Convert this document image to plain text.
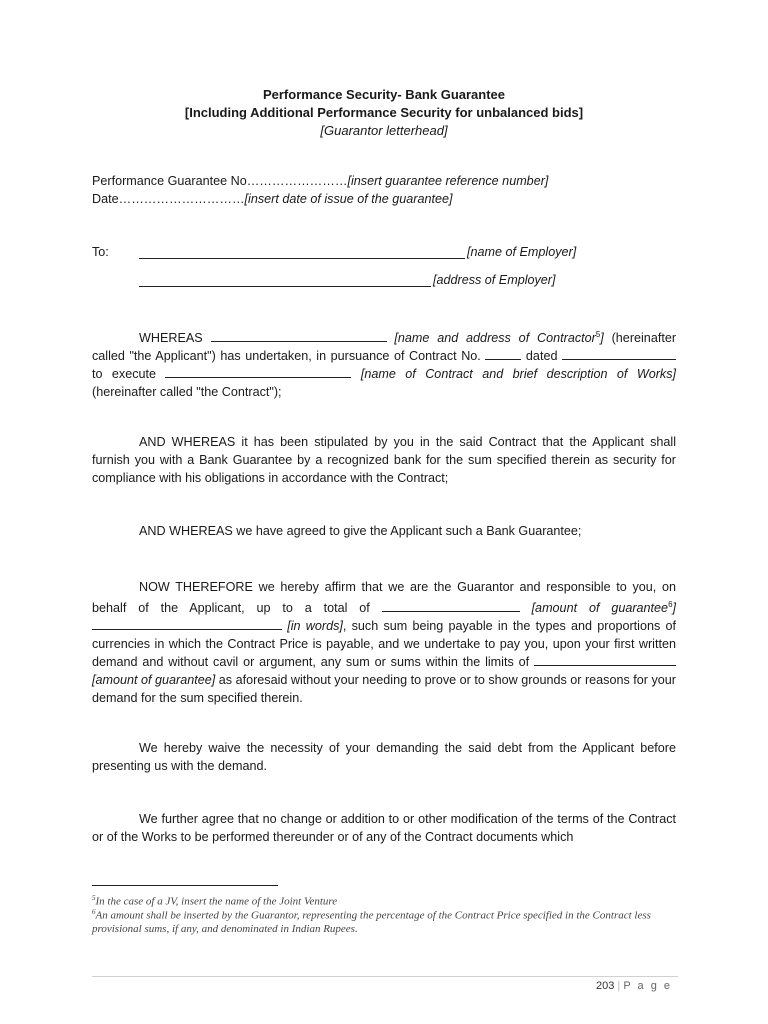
Performance Security- Bank Guarantee
[Including Additional Performance Security for unbalanced bids]
[Guarantor letterhead]
Performance Guarantee No……………………[insert guarantee reference number]
Date…………………………[insert date of issue of the guarantee]
To:	[name of Employer]
[address of Employer]
WHEREAS	[name and address of Contractor$^5$] (hereinafter called "the Applicant") has undertaken, in pursuance of Contract No.	dated  to execute	[name of Contract and brief description of Works] (hereinafter called "the Contract");
AND WHEREAS it has been stipulated by you in the said Contract that the Applicant shall furnish you with a Bank Guarantee by a recognized bank for the sum specified therein as security for compliance with his obligations in accordance with the Contract;
AND WHEREAS we have agreed to give the Applicant such a Bank Guarantee;
NOW THEREFORE we hereby affirm that we are the Guarantor and responsible to you, on behalf of the Applicant, up to a total of	[amount of guarantee$^6$]  [in words], such sum being payable in the types and proportions of currencies in which the Contract Price is payable, and we undertake to pay you, upon your first written demand and without cavil or argument, any sum or sums within the limits of  [amount of guarantee] as aforesaid without your needing to prove or to show grounds or reasons for your demand for the sum specified therein.
We hereby waive the necessity of your demanding the said debt from the Applicant before presenting us with the demand.
We further agree that no change or addition to or other modification of the terms of the Contract or of the Works to be performed thereunder or of any of the Contract documents which
$^5$In the case of a JV, insert the name of the Joint Venture
$^6$An amount shall be inserted by the Guarantor, representing the percentage of the Contract Price specified in the Contract less provisional sums, if any, and denominated in Indian Rupees.
203 | P a g e
